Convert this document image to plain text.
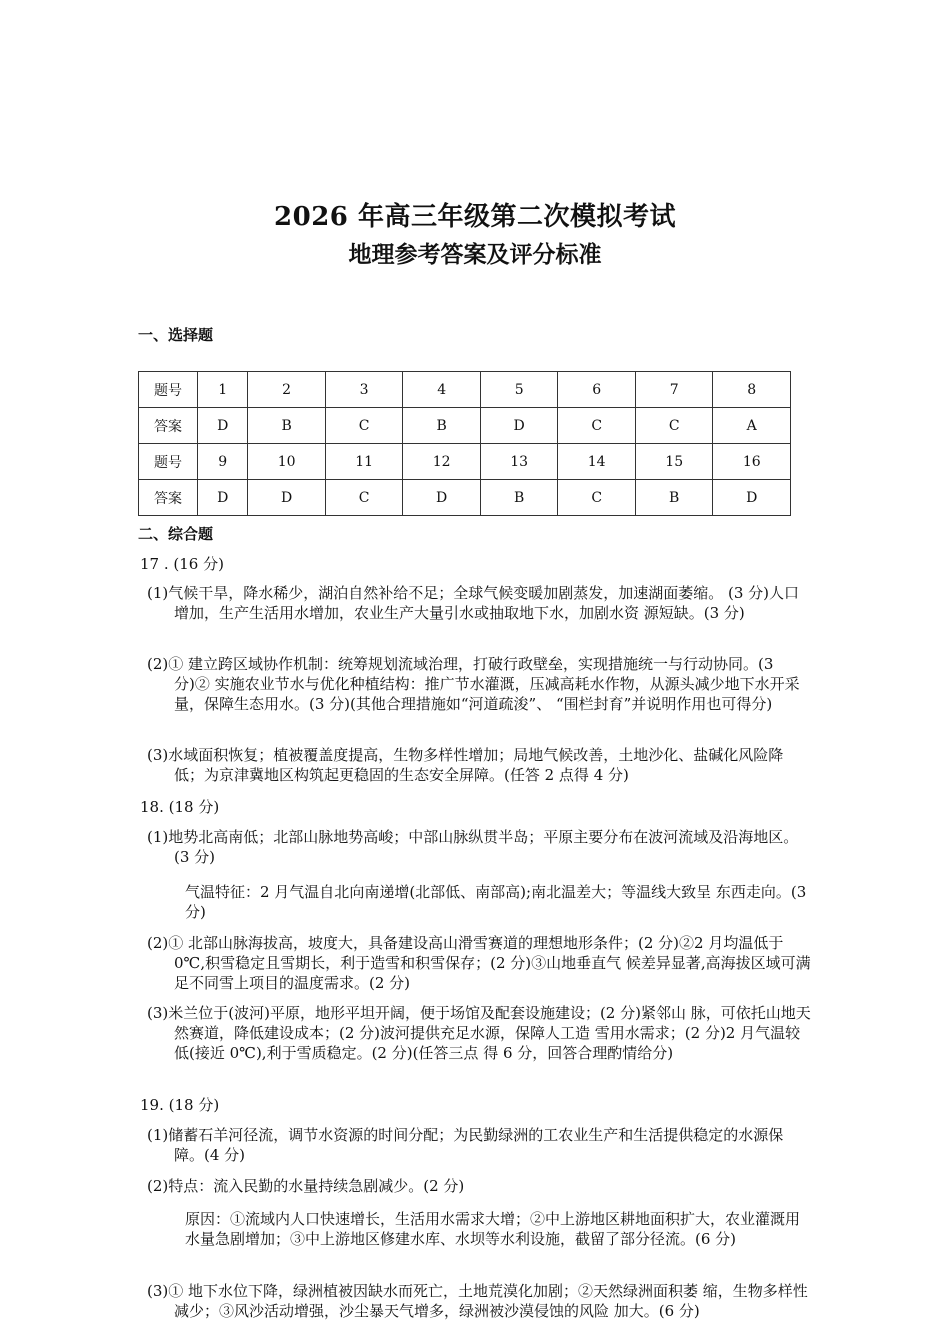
2026 年高三年级第二次模拟考试
地理参考答案及评分标准
一、选择题
题号	1	2	3	4	5	6	7	8
答案	D	B	C	B	D	C	C	A
题号	9	10	11	12	13	14	15	16
答案	D	D	C	D	B	C	B	D
二、综合题
17 . (16 分)
(1)气候干旱，降水稀少，湖泊自然补给不足；全球气候变暖加剧蒸发，加速湖面萎缩。 (3 分)人口增加，生产生活用水增加，农业生产大量引水或抽取地下水，加剧水资 源短缺。(3 分)
(2)① 建立跨区域协作机制：统筹规划流域治理，打破行政壁垒，实现措施统一与行动协同。(3 分)② 实施农业节水与优化种植结构：推广节水灌溉，压减高耗水作物，从源头减少地下水开采量，保障生态用水。(3 分)(其他合理措施如“河道疏浚”、 “围栏封育”并说明作用也可得分)
(3)水域面积恢复；植被覆盖度提高，生物多样性增加；局地气候改善，土地沙化、盐碱化风险降低；为京津冀地区构筑起更稳固的生态安全屏障。(任答 2 点得 4 分)
18. (18 分)
(1)地势北高南低；北部山脉地势高峻；中部山脉纵贯半岛；平原主要分布在波河流域及沿海地区。(3 分)
气温特征：2 月气温自北向南递增(北部低、南部高);南北温差大；等温线大致呈 东西走向。(3 分)
(2)① 北部山脉海拔高，坡度大，具备建设高山滑雪赛道的理想地形条件；(2 分)②2 月均温低于 0℃,积雪稳定且雪期长，利于造雪和积雪保存；(2 分)③山地垂直气 候差异显著,高海拔区域可满足不同雪上项目的温度需求。(2 分)
(3)米兰位于(波河)平原，地形平坦开阔，便于场馆及配套设施建设；(2 分)紧邻山 脉，可依托山地天然赛道，降低建设成本；(2 分)波河提供充足水源，保障人工造 雪用水需求；(2 分)2 月气温较低(接近 0℃),利于雪质稳定。(2 分)(任答三点 得 6 分，回答合理酌情给分)
19. (18 分)
(1)储蓄石羊河径流，调节水资源的时间分配；为民勤绿洲的工农业生产和生活提供稳定的水源保障。(4 分)
(2)特点：流入民勤的水量持续急剧减少。(2 分)
原因：①流域内人口快速增长，生活用水需求大增；②中上游地区耕地面积扩大，农业灌溉用水量急剧增加；③中上游地区修建水库、水坝等水利设施，截留了部分径流。(6 分)
(3)① 地下水位下降，绿洲植被因缺水而死亡，土地荒漠化加剧；②天然绿洲面积萎 缩，生物多样性减少；③风沙活动增强，沙尘暴天气增多，绿洲被沙漠侵蚀的风险 加大。(6 分)
